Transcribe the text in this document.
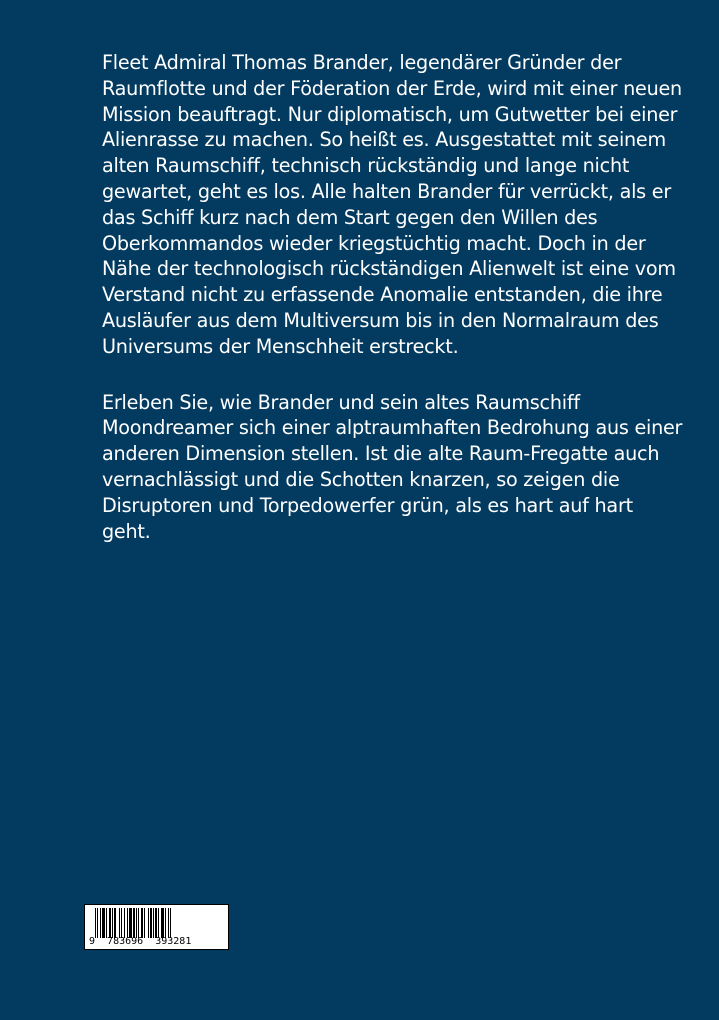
Fleet Admiral Thomas Brander, legendärer Gründer der
Raumflotte und der Föderation der Erde, wird mit einer neuen
Mission beauftragt. Nur diplomatisch, um Gutwetter bei einer
Alienrasse zu machen. So heißt es. Ausgestattet mit seinem
alten Raumschiff, technisch rückständig und lange nicht
gewartet, geht es los. Alle halten Brander für verrückt, als er
das Schiff kurz nach dem Start gegen den Willen des
Oberkommandos wieder kriegstüchtig macht. Doch in der
Nähe der technologisch rückständigen Alienwelt ist eine vom
Verstand nicht zu erfassende Anomalie entstanden, die ihre
Ausläufer aus dem Multiversum bis in den Normalraum des
Universums der Menschheit erstreckt.

Erleben Sie, wie Brander und sein altes Raumschiff
Moondreamer sich einer alptraumhaften Bedrohung aus einer
anderen Dimension stellen. Ist die alte Raum-Fregatte auch
vernachlässigt und die Schotten knarzen, so zeigen die
Disruptoren und Torpedowerfer grün, als es hart auf hart
geht.

9  783696  393281
